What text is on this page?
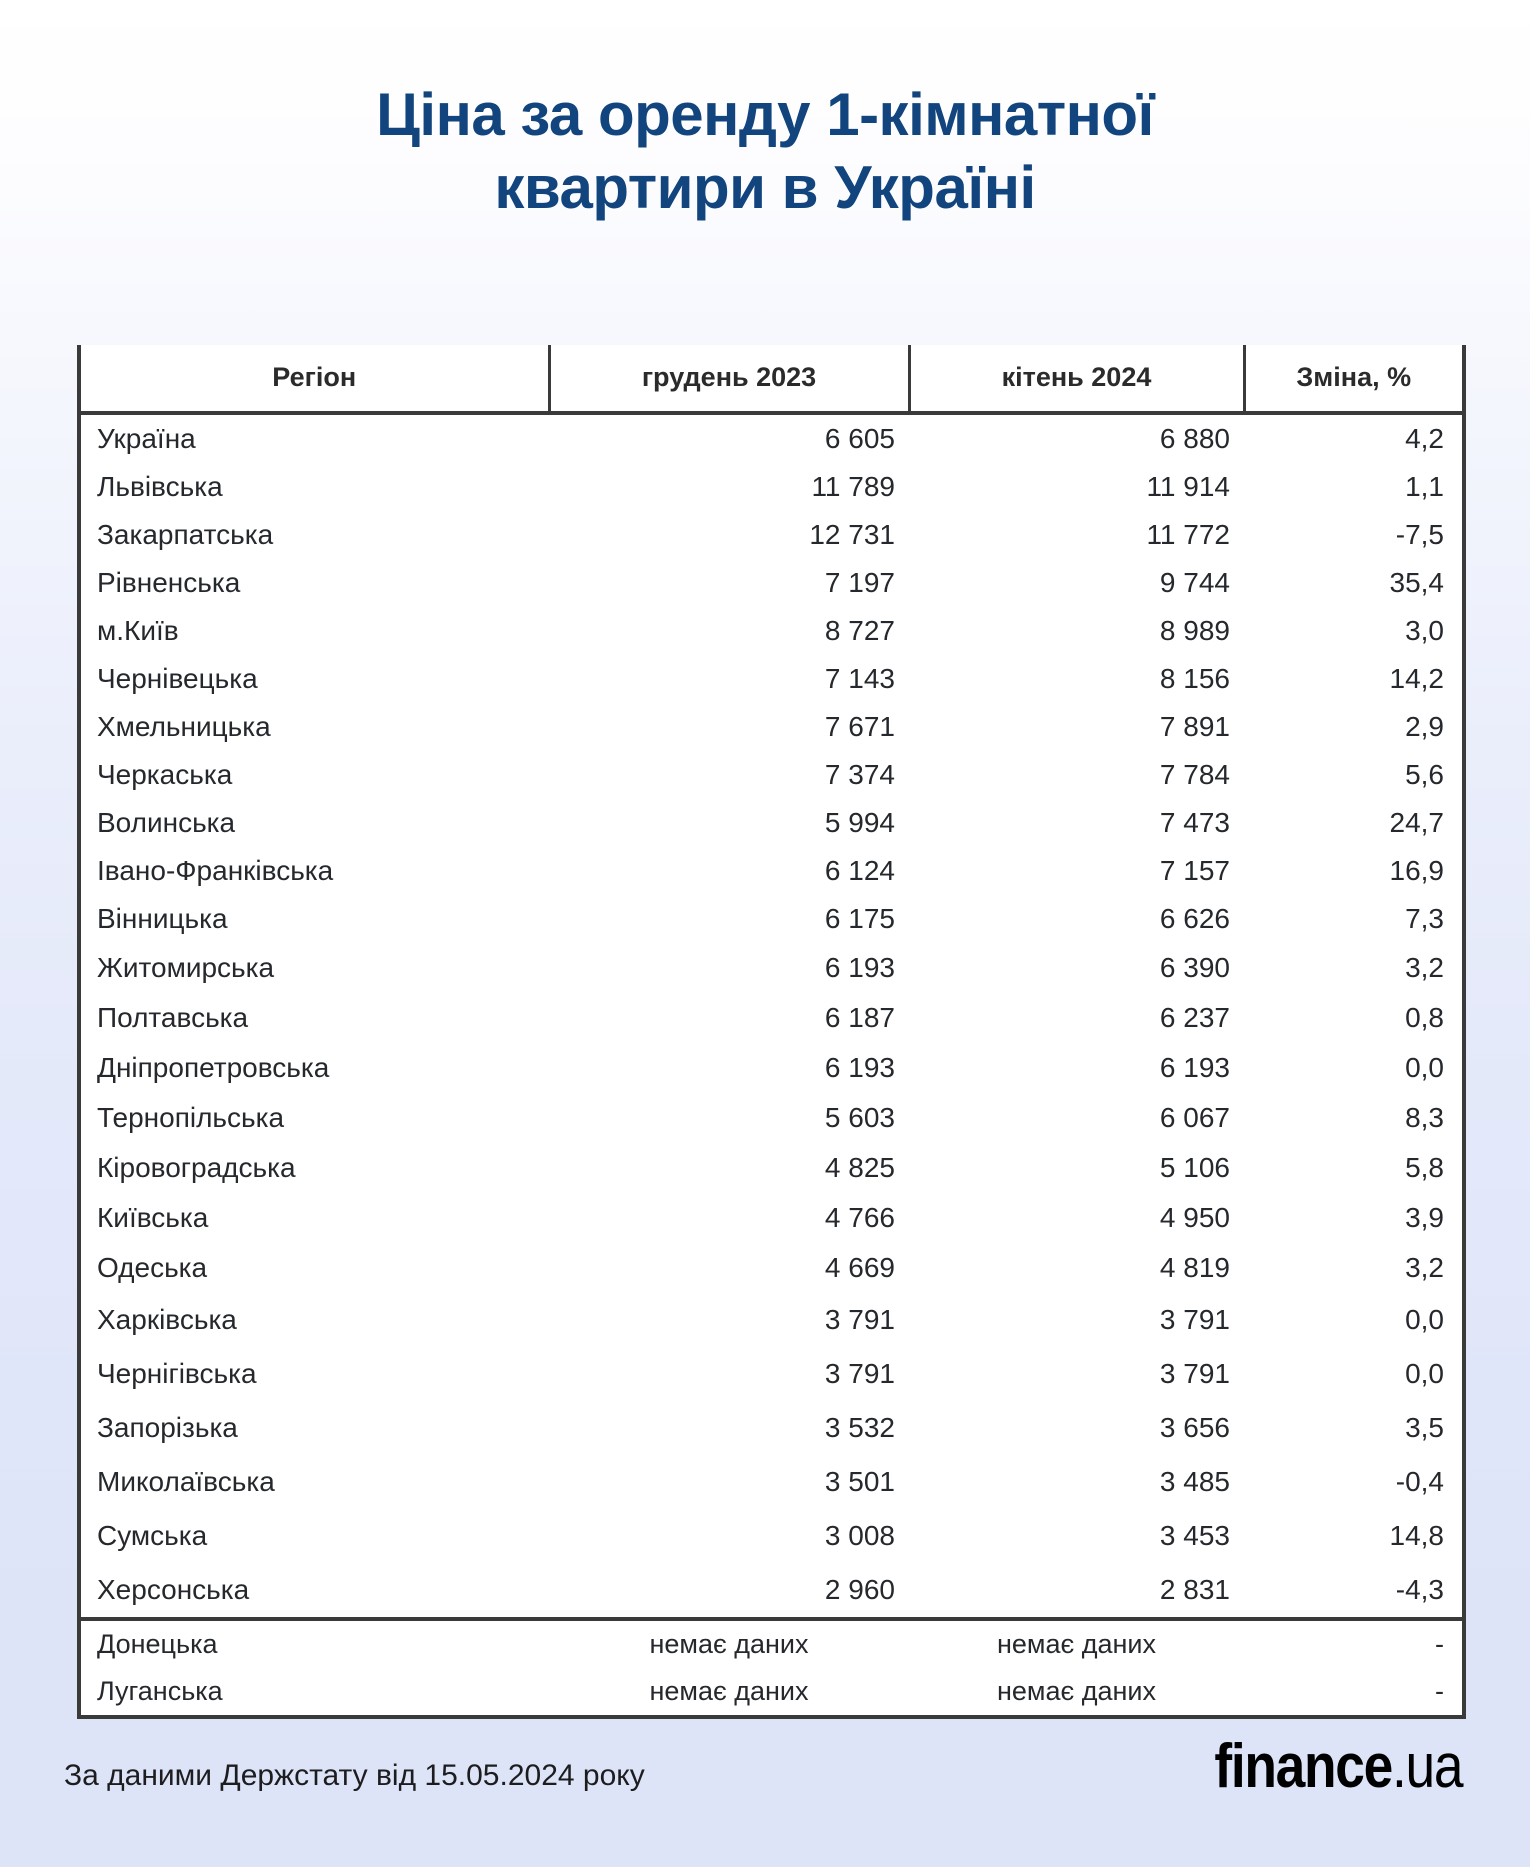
Ціна за оренду 1-кімнатної
квартири в Україні
Регіон	грудень 2023	кітень 2024	Зміна, %
Україна	6 605	6 880	4,2
Львівська	11 789	11 914	1,1
Закарпатська	12 731	11 772	-7,5
Рівненська	7 197	9 744	35,4
м.Київ	8 727	8 989	3,0
Чернівецька	7 143	8 156	14,2
Хмельницька	7 671	7 891	2,9
Черкаська	7 374	7 784	5,6
Волинська	5 994	7 473	24,7
Івано-Франківська	6 124	7 157	16,9
Вінницька	6 175	6 626	7,3
Житомирська	6 193	6 390	3,2
Полтавська	6 187	6 237	0,8
Дніпропетровська	6 193	6 193	0,0
Тернопільська	5 603	6 067	8,3
Кіровоградська	4 825	5 106	5,8
Київська	4 766	4 950	3,9
Одеська	4 669	4 819	3,2
Харківська	3 791	3 791	0,0
Чернігівська	3 791	3 791	0,0
Запорізька	3 532	3 656	3,5
Миколаївська	3 501	3 485	-0,4
Сумська	3 008	3 453	14,8
Херсонська	2 960	2 831	-4,3
Донецька	немає даних	немає даних	-
Луганська	немає даних	немає даних	-
За даними Держстату від 15.05.2024 року	finance.ua
